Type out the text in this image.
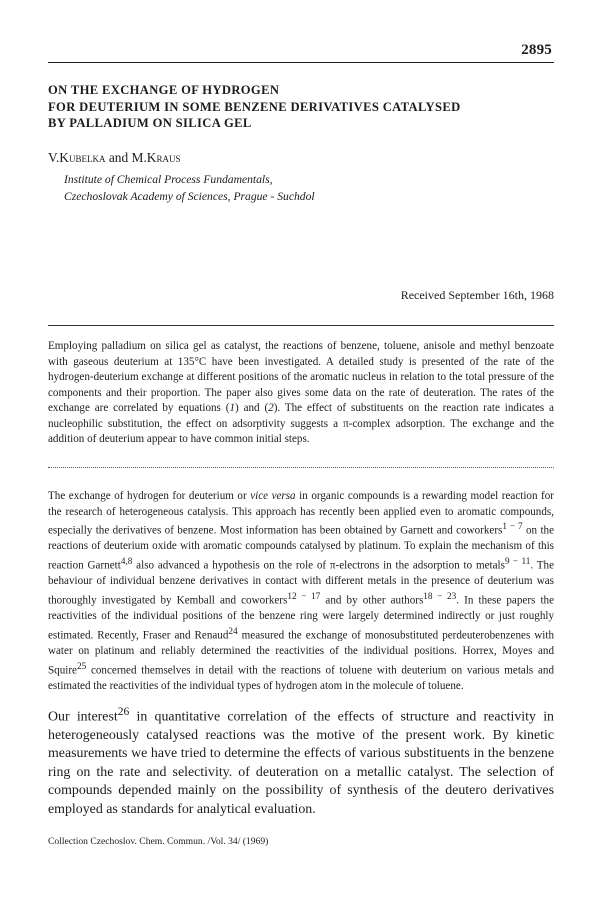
2895
ON THE EXCHANGE OF HYDROGEN
FOR DEUTERIUM IN SOME BENZENE DERIVATIVES CATALYSED
BY PALLADIUM ON SILICA GEL
V.Kubelka and M.Kraus
Institute of Chemical Process Fundamentals,
Czechoslovak Academy of Sciences, Prague - Suchdol
Received September 16th, 1968
Employing palladium on silica gel as catalyst, the reactions of benzene, toluene, anisole and methyl benzoate with gaseous deuterium at 135°C have been investigated. A detailed study is presented of the rate of the hydrogen-deuterium exchange at different positions of the aromatic nucleus in relation to the total pressure of the components and their proportion. The paper also gives some data on the rate of deuteration. The rates of the exchange are correlated by equations (1) and (2). The effect of substituents on the reaction rate indicates a nucleophilic substitution, the effect on adsorptivity suggests a π-complex adsorption. The exchange and the addition of deuterium appear to have common initial steps.
The exchange of hydrogen for deuterium or vice versa in organic compounds is a rewarding model reaction for the research of heterogeneous catalysis. This approach has recently been applied even to aromatic compounds, especially the derivatives of benzene. Most information has been obtained by Garnett and coworkers$^{1 - 7}$ on the reactions of deuterium oxide with aromatic compounds catalysed by platinum. To explain the mechanism of this reaction Garnett$^{4,8}$ also advanced a hypothesis on the role of π-electrons in the adsorption to metals$^{9 - 11}$. The behaviour of individual benzene derivatives in contact with different metals in the presence of deuterium was thoroughly investigated by Kemball and coworkers$^{12 - 17}$ and by other authors$^{18 - 23}$. In these papers the reactivities of the individual positions of the benzene ring were largely determined indirectly or just roughly estimated. Recently, Fraser and Renaud$^{24}$ measured the exchange of monosubstituted perdeuterobenzenes with water on platinum and reliably determined the reactivities of the individual positions. Horrex, Moyes and Squire$^{25}$ concerned themselves in detail with the reactions of toluene with deuterium on various metals and estimated the reactivities of the individual types of hydrogen atom in the molecule of toluene.
Our interest$^{26}$ in quantitative correlation of the effects of structure and reactivity in heterogeneously catalysed reactions was the motive of the present work. By kinetic measurements we have tried to determine the effects of various substituents in the benzene ring on the rate and selectivity. of deuteration on a metallic catalyst. The selection of compounds depended mainly on the possibility of synthesis of the deutero derivatives employed as standards for analytical evaluation.
Collection Czechoslov. Chem. Commun. /Vol. 34/ (1969)
